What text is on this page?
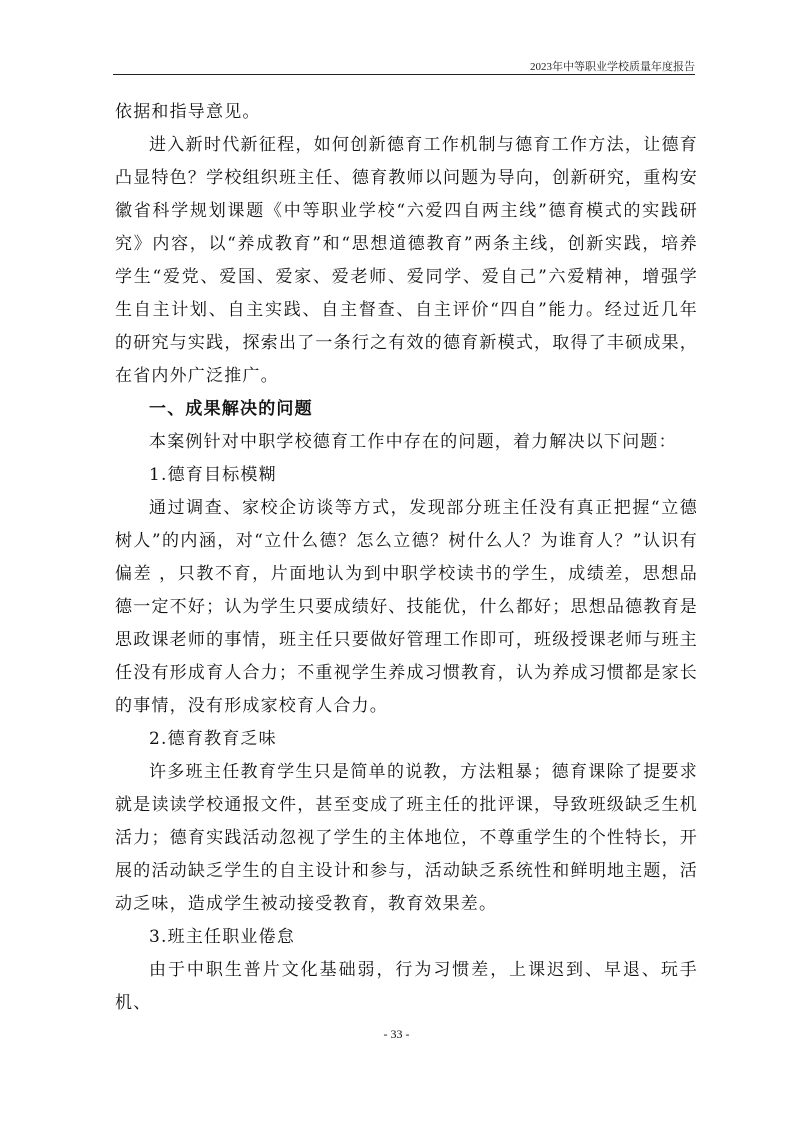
2023年中等职业学校质量年度报告

依据和指导意见。

进入新时代新征程，如何创新德育工作机制与德育工作方法，让德育凸显特色？学校组织班主任、德育教师以问题为导向，创新研究，重构安徽省科学规划课题《中等职业学校“六爱四自两主线”德育模式的实践研究》内容，以“养成教育”和“思想道德教育”两条主线，创新实践，培养学生“爱党、爱国、爱家、爱老师、爱同学、爱自己”六爱精神，增强学生自主计划、自主实践、自主督查、自主评价“四自”能力。经过近几年的研究与实践，探索出了一条行之有效的德育新模式，取得了丰硕成果，在省内外广泛推广。

一、成果解决的问题

本案例针对中职学校德育工作中存在的问题，着力解决以下问题：

1.德育目标模糊

通过调查、家校企访谈等方式，发现部分班主任没有真正把握“立德树人”的内涵，对“立什么德？怎么立德？树什么人？为谁育人？”认识有偏差 ，只教不育，片面地认为到中职学校读书的学生，成绩差，思想品德一定不好；认为学生只要成绩好、技能优，什么都好；思想品德教育是思政课老师的事情，班主任只要做好管理工作即可，班级授课老师与班主任没有形成育人合力；不重视学生养成习惯教育，认为养成习惯都是家长的事情，没有形成家校育人合力。

2.德育教育乏味

许多班主任教育学生只是简单的说教，方法粗暴；德育课除了提要求就是读读学校通报文件，甚至变成了班主任的批评课，导致班级缺乏生机活力；德育实践活动忽视了学生的主体地位，不尊重学生的个性特长，开展的活动缺乏学生的自主设计和参与，活动缺乏系统性和鲜明地主题，活动乏味，造成学生被动接受教育，教育效果差。

3.班主任职业倦怠

由于中职生普片文化基础弱，行为习惯差，上课迟到、早退、玩手机、

- 33 -
